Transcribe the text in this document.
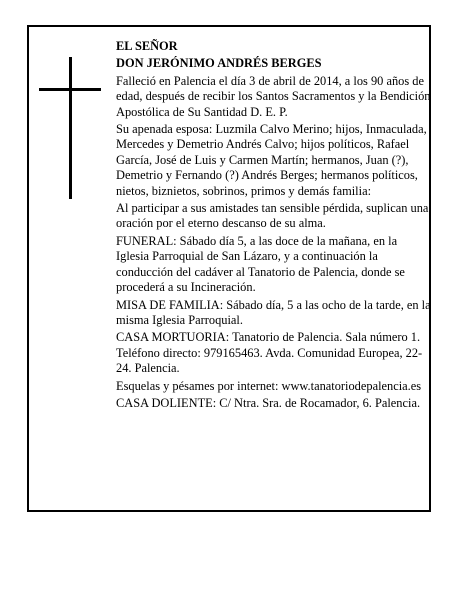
EL SEÑOR

DON JERÓNIMO ANDRÉS BERGES

Falleció en Palencia el día 3 de abril de 2014, a los 90 años de edad, después de recibir los Santos Sacramentos y la Bendición Apostólica de Su Santidad D. E. P.

Su apenada esposa: Luzmila Calvo Merino; hijos, Inmaculada, Mercedes y Demetrio Andrés Calvo; hijos políticos, Rafael García, José de Luis y Carmen Martín; hermanos, Juan (?), Demetrio y Fernando (?) Andrés Berges; hermanos políticos, nietos, biznietos, sobrinos, primos y demás familia:

Al participar a sus amistades tan sensible pérdida, suplican una oración por el eterno descanso de su alma.

FUNERAL: Sábado día 5, a las doce de la mañana, en la Iglesia Parroquial de San Lázaro, y a continuación la conducción del cadáver al Tanatorio de Palencia, donde se procederá a su Incineración.

MISA DE FAMILIA: Sábado día, 5 a las ocho de la tarde, en la misma Iglesia Parroquial.

CASA MORTUORIA: Tanatorio de Palencia. Sala número 1. Teléfono directo: 979165463. Avda. Comunidad Europea, 22-24. Palencia.

Esquelas y pésames por internet: www.tanatoriodepalencia.es

CASA DOLIENTE: C/ Ntra. Sra. de Rocamador, 6. Palencia.
